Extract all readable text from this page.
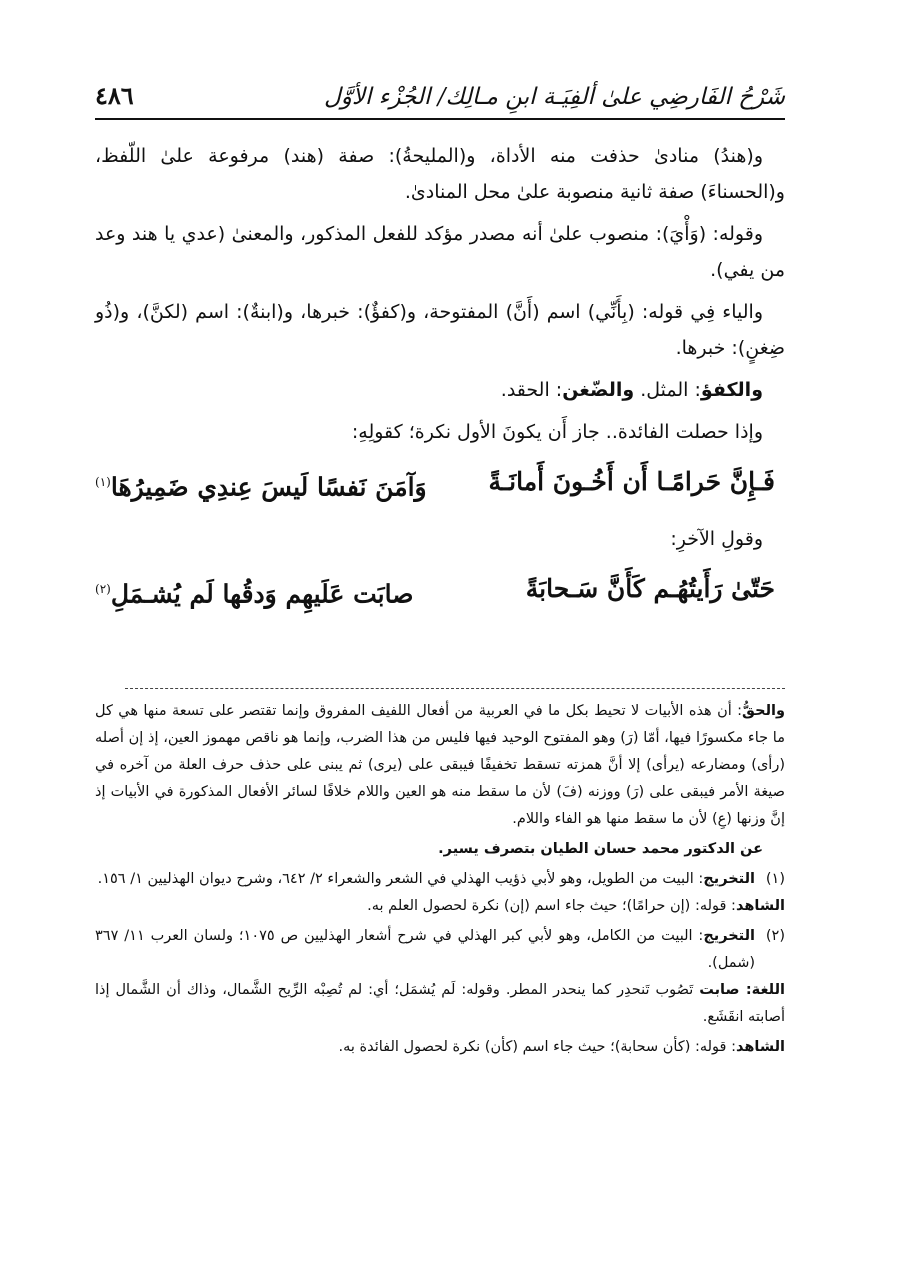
شَرْحُ الفَارضِي علىٰ ألفِيَـة ابنِ مـالِك/ الجُزْء الأوَّل
٤٨٦

و(هندُ) منادىٰ حذفت منه الأداة، و(المليحةُ): صفة (هند) مرفوعة علىٰ اللّفظ، و(الحسناءَ) صفة ثانية منصوبة علىٰ محل المنادىٰ.

وقوله: (وَأْيَ): منصوب علىٰ أنه مصدر مؤكد للفعل المذكور، والمعنىٰ (عدي يا هند وعد من يفي).

والياء فِي قوله: (بِأَنِّي) اسم (أَنَّ) المفتوحة، و(كفؤٌ): خبرها، و(ابنةٌ): اسم (لكنَّ)، و(ذُو ضِغنٍ): خبرها.

والكفؤ: المثل. والضّغن: الحقد.

وإذا حصلت الفائدة.. جاز أَن يكونَ الأول نكرة؛ كقولِهِ:

فَـإِنَّ حَرامًـا أَن أَخُـونَ أَمانَـةً
وَآمَنَ نَفسًا لَيسَ عِندِي ضَمِيرُهَا$^{(١)}$

وقولِ الآخرِ:

حَتّىٰ رَأَيتُهُـم كَأَنَّ سَـحابَةً
صابَت عَلَيهِم وَدقُها لَم يُشـمَلِ$^{(٢)}$

والحقُّ: أن هذه الأبيات لا تحيط بكل ما في العربية من أفعال اللفيف المفروق وإنما تقتصر على تسعة منها هي كل ما جاء مكسورًا فيها، أمّا (رَ) وهو المفتوح الوحيد فيها فليس من هذا الضرب، وإنما هو ناقص مهموز العين، إذ إن أصله (رأى) ومضارعه (يرأى) إلا أنَّ همزته تسقط تخفيفًا فيبقى على (يرى) ثم يبنى على حذف حرف العلة من آخره في صيغة الأمر فيبقى على (رَ) ووزنه (فَ) لأن ما سقط منه هو العين واللام خلافًا لسائر الأفعال المذكورة في الأبيات إذ إنَّ وزنها (عِ) لأن ما سقط منها هو الفاء واللام.

عن الدكتور محمد حسان الطيان بتصرف يسير.

(١)
التخريج: البيت من الطويل، وهو لأبي ذؤيب الهذلي في الشعر والشعراء ٢/ ٦٤٢، وشرح ديوان الهذليين ١/ ١٥٦.

الشاهد: قوله: (إن حرامًا)؛ حيث جاء اسم (إن) نكرة لحصول العلم به.

(٢)
التخريج: البيت من الكامل، وهو لأبي كبر الهذلي في شرح أشعار الهذليين ص ١٠٧٥؛ ولسان العرب ١١/ ٣٦٧ (شمل).

اللغة: صابت تَصُوب تَنحدِر كما ينحدر المطر. وقوله: لَم يُشمَل؛ أي: لم تُصِبْه الرِّيح الشَّمال، وذاك أن الشَّمال إذا أصابته انقَشَع.

الشاهد: قوله: (كأن سحابة)؛ حيث جاء اسم (كأن) نكرة لحصول الفائدة به.
